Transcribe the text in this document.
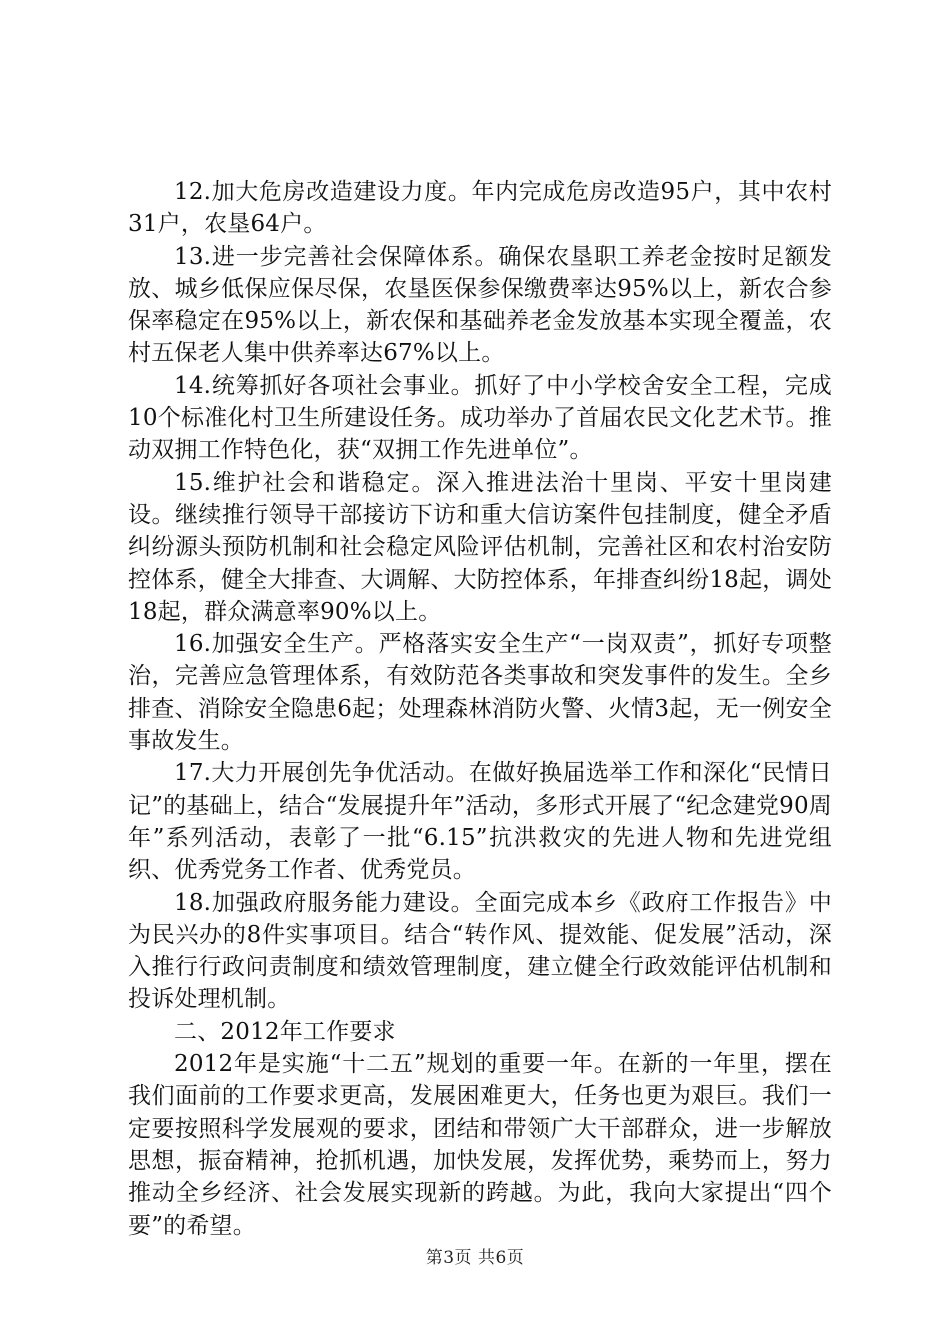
12.加大危房改造建设力度。年内完成危房改造95户，其中农村31户，农垦64户。

13.进一步完善社会保障体系。确保农垦职工养老金按时足额发放、城乡低保应保尽保，农垦医保参保缴费率达95%以上，新农合参保率稳定在95%以上，新农保和基础养老金发放基本实现全覆盖，农村五保老人集中供养率达67%以上。

14.统筹抓好各项社会事业。抓好了中小学校舍安全工程，完成10个标准化村卫生所建设任务。成功举办了首届农民文化艺术节。推动双拥工作特色化，获“双拥工作先进单位”。

15.维护社会和谐稳定。深入推进法治十里岗、平安十里岗建设。继续推行领导干部接访下访和重大信访案件包挂制度，健全矛盾纠纷源头预防机制和社会稳定风险评估机制，完善社区和农村治安防控体系，健全大排查、大调解、大防控体系，年排查纠纷18起，调处18起，群众满意率90%以上。

16.加强安全生产。严格落实安全生产“一岗双责”，抓好专项整治，完善应急管理体系，有效防范各类事故和突发事件的发生。全乡排查、消除安全隐患6起；处理森林消防火警、火情3起，无一例安全事故发生。

17.大力开展创先争优活动。在做好换届选举工作和深化“民情日记”的基础上，结合“发展提升年”活动，多形式开展了“纪念建党90周年”系列活动，表彰了一批“6.15”抗洪救灾的先进人物和先进党组织、优秀党务工作者、优秀党员。

18.加强政府服务能力建设。全面完成本乡《政府工作报告》中为民兴办的8件实事项目。结合“转作风、提效能、促发展”活动，深入推行行政问责制度和绩效管理制度，建立健全行政效能评估机制和投诉处理机制。

二、2012年工作要求

2012年是实施“十二五”规划的重要一年。在新的一年里，摆在我们面前的工作要求更高，发展困难更大，任务也更为艰巨。我们一定要按照科学发展观的要求，团结和带领广大干部群众，进一步解放思想，振奋精神，抢抓机遇，加快发展，发挥优势，乘势而上，努力推动全乡经济、社会发展实现新的跨越。为此，我向大家提出“四个要”的希望。

第3页 共6页
